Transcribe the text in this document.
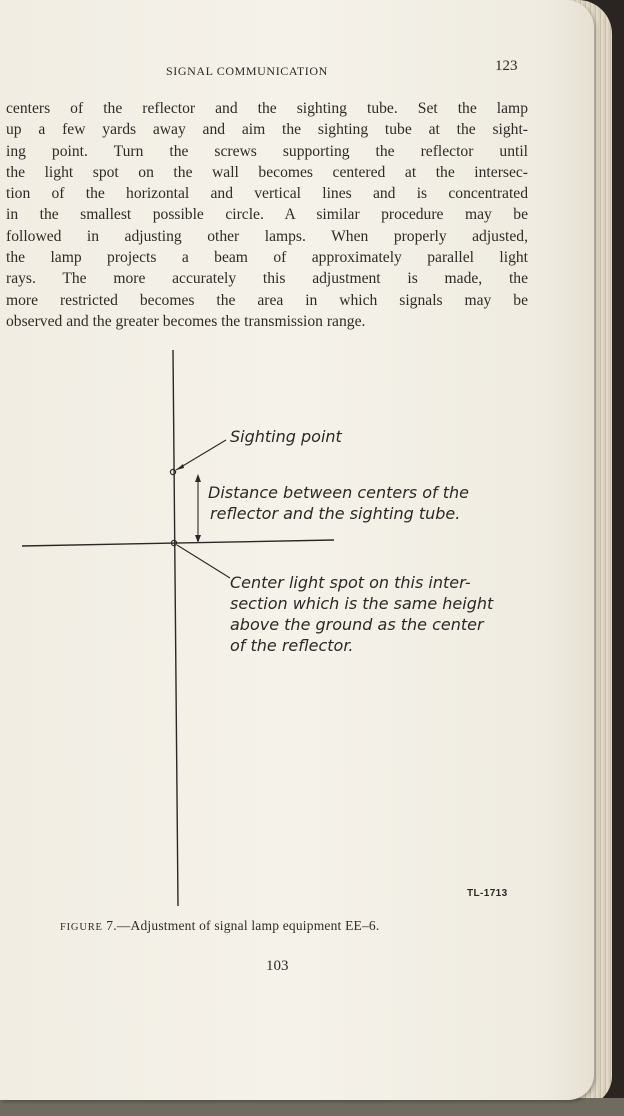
SIGNAL COMMUNICATION	123
centers of the reflector and the sighting tube. Set the lamp
up a few yards away and aim the sighting tube at the sight-
ing point. Turn the screws supporting the reflector until
the light spot on the wall becomes centered at the intersec-
tion of the horizontal and vertical lines and is concentrated
in the smallest possible circle. A similar procedure may be
followed in adjusting other lamps. When properly adjusted,
the lamp projects a beam of approximately parallel light
rays. The more accurately this adjustment is made, the
more restricted becomes the area in which signals may be
observed and the greater becomes the transmission range.
Sighting point
Distance between centers of the
reflector and the sighting tube.
Center light spot on this inter-
section which is the same height
above the ground as the center
of the reflector.
TL-1713
FIGURE 7.—Adjustment of signal lamp equipment EE–6.
103
